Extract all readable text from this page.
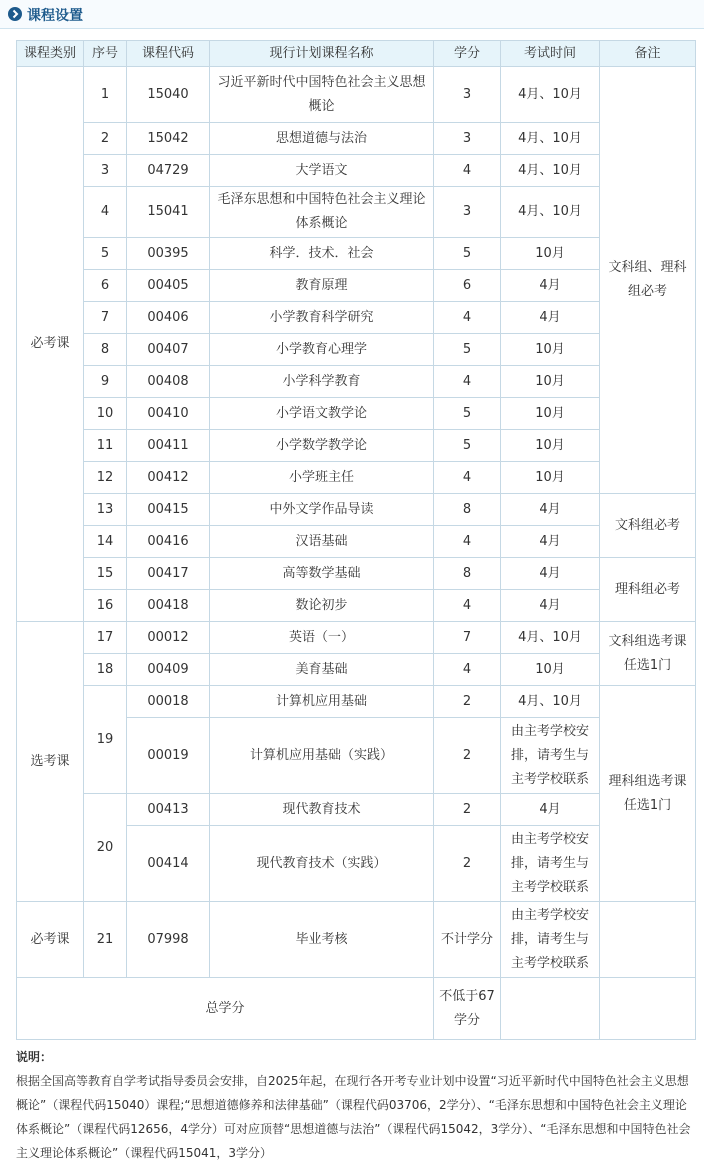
课程设置
课程类别	序号	课程代码	现行计划课程名称	学分	考试时间	备注
必考课	1	15040	习近平新时代中国特色社会主义思想概论	3	4月、10月	文科组、理科组必考
	2	15042	思想道德与法治	3	4月、10月	
	3	04729	大学语文	4	4月、10月	
	4	15041	毛泽东思想和中国特色社会主义理论体系概论	3	4月、10月	
	5	00395	科学．技术．社会	5	10月	
	6	00405	教育原理	6	4月	
	7	00406	小学教育科学研究	4	4月	
	8	00407	小学教育心理学	5	10月	
	9	00408	小学科学教育	4	10月	
	10	00410	小学语文教学论	5	10月	
	11	00411	小学数学教学论	5	10月	
	12	00412	小学班主任	4	10月	
	13	00415	中外文学作品导读	8	4月	文科组必考
	14	00416	汉语基础	4	4月	
	15	00417	高等数学基础	8	4月	理科组必考
	16	00418	数论初步	4	4月	
选考课	17	00012	英语（一）	7	4月、10月	文科组选考课任选1门
	18	00409	美育基础	4	10月	
	19	00018	计算机应用基础	2	4月、10月	理科组选考课任选1门
		00019	计算机应用基础（实践）	2	由主考学校安排，请考生与主考学校联系	
	20	00413	现代教育技术	2	4月	
		00414	现代教育技术（实践）	2	由主考学校安排，请考生与主考学校联系	
必考课	21	07998	毕业考核	不计学分	由主考学校安排，请考生与主考学校联系	
总学分				不低于67学分		
说明：
根据全国高等教育自学考试指导委员会安排，自2025年起，在现行各开考专业计划中设置“习近平新时代中国特色社会主义思想概论”（课程代码15040）课程;“思想道德修养和法律基础”（课程代码03706，2学分）、“毛泽东思想和中国特色社会主义理论体系概论”（课程代码12656，4学分）可对应顶替“思想道德与法治”（课程代码15042，3学分）、“毛泽东思想和中国特色社会主义理论体系概论”（课程代码15041，3学分）
